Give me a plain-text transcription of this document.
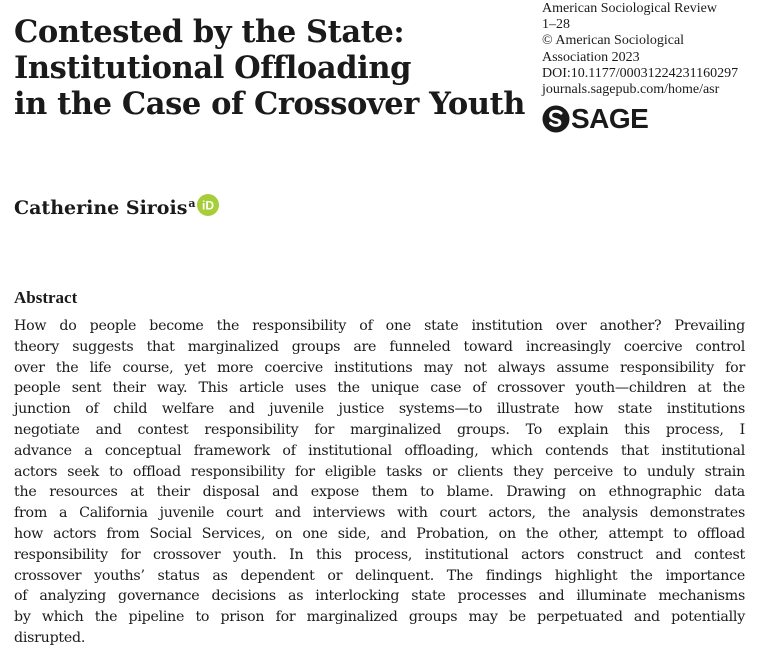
Contested by the State:
Institutional Offloading
in the Case of Crossover Youth
American Sociological Review
1–28
© American Sociological
Association 2023
DOI:10.1177/00031224231160297
journals.sagepub.com/home/asr
SAGE
Catherine Sirois$^a$ iD
Abstract
How do people become the responsibility of one state institution over another? Prevailing
theory suggests that marginalized groups are funneled toward increasingly coercive control
over the life course, yet more coercive institutions may not always assume responsibility for
people sent their way. This article uses the unique case of crossover youth—children at the
junction of child welfare and juvenile justice systems—to illustrate how state institutions
negotiate and contest responsibility for marginalized groups. To explain this process, I
advance a conceptual framework of institutional offloading, which contends that institutional
actors seek to offload responsibility for eligible tasks or clients they perceive to unduly strain
the resources at their disposal and expose them to blame. Drawing on ethnographic data
from a California juvenile court and interviews with court actors, the analysis demonstrates
how actors from Social Services, on one side, and Probation, on the other, attempt to offload
responsibility for crossover youth. In this process, institutional actors construct and contest
crossover youths’ status as dependent or delinquent. The findings highlight the importance
of analyzing governance decisions as interlocking state processes and illuminate mechanisms
by which the pipeline to prison for marginalized groups may be perpetuated and potentially
disrupted.
